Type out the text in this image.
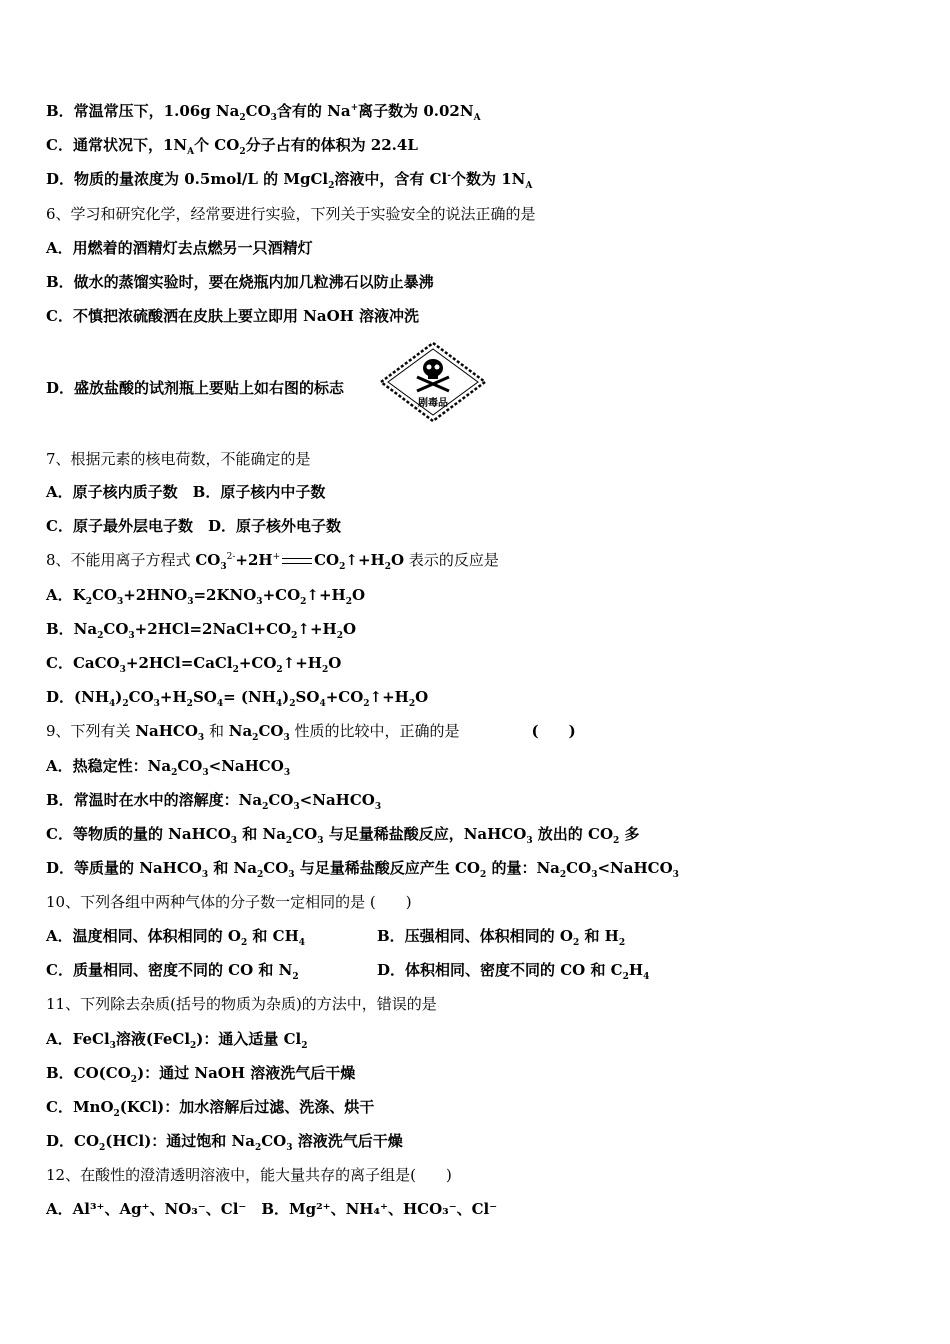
B．常温常压下，1.06g $Na_2CO_3$含有的 Na+离子数为 $0.02N_A$
C．通常状况下，$1N_A$个 $CO_2$分子占有的体积为 22.4L
D．物质的量浓度为 0.5mol/L 的 MgCl$_2$溶液中，含有 Cl-个数为 $1N_A$
6、学习和研究化学，经常要进行实验，下列关于实验安全的说法正确的是
A．用燃着的酒精灯去点燃另一只酒精灯
B．做水的蒸馏实验时，要在烧瓶内加几粒沸石以防止暴沸
C．不慎把浓硫酸洒在皮肤上要立即用 NaOH 溶液冲洗
D．盛放盐酸的试剂瓶上要贴上如右图的标志
剧毒品
7、根据元素的核电荷数，不能确定的是
A．原子核内质子数　B．原子核内中子数
C．原子最外层电子数　D．原子核外电子数
8、不能用离子方程式 $CO_3^{2-}+2H^+$ $CO_2↑+H_2O$ 表示的反应是
A．$K_2CO_3+2HNO_3=2KNO_3+CO_2↑+H_2O$
B．$Na_2CO_3+2HCl=2NaCl+CO_2↑+H_2O$
C．$CaCO_3+2HCl=CaCl_2+CO_2↑+H_2O$
D．$(NH_4)_2CO_3+H_2SO_4=$ $(NH_4)_2SO_4+CO_2↑+H_2O$
9、下列有关 NaHCO$_3$ 和 $Na_2CO_3$ 性质的比较中，正确的是	(　　)
A．热稳定性：$Na_2CO_3<NaHCO_3$
B．常温时在水中的溶解度：$Na_2CO_3<NaHCO_3$
C．等物质的量的 NaHCO$_3$ 和 $Na_2CO_3$ 与足量稀盐酸反应，NaHCO$_3$ 放出的 $CO_2$ 多
D．等质量的 NaHCO$_3$ 和 $Na_2CO_3$ 与足量稀盐酸反应产生 $CO_2$ 的量：$Na_2CO_3<NaHCO_3$
10、下列各组中两种气体的分子数一定相同的是 (　　)
A．温度相同、体积相同的 $O_2$ 和 $CH_4$	B．压强相同、体积相同的 $O_2$ 和 $H_2$
C．质量相同、密度不同的 CO 和 $N_2$	D．体积相同、密度不同的 CO 和 $C_2H_4$
11、下列除去杂质(括号的物质为杂质)的方法中，错误的是
A．FeCl$_3$溶液(FeCl$_2$)：通入适量 $Cl_2$
B．$CO(CO_2)$：通过 NaOH 溶液洗气后干燥
C．MnO$_2$(KCl)：加水溶解后过滤、洗涤、烘干
D．$CO_2(HCl)$：通过饱和 $Na_2CO_3$ 溶液洗气后干燥
12、在酸性的澄清透明溶液中，能大量共存的离子组是(　　)
A．Al³⁺、Ag⁺、NO₃⁻、Cl⁻　B．Mg²⁺、NH₄⁺、HCO₃⁻、Cl⁻
